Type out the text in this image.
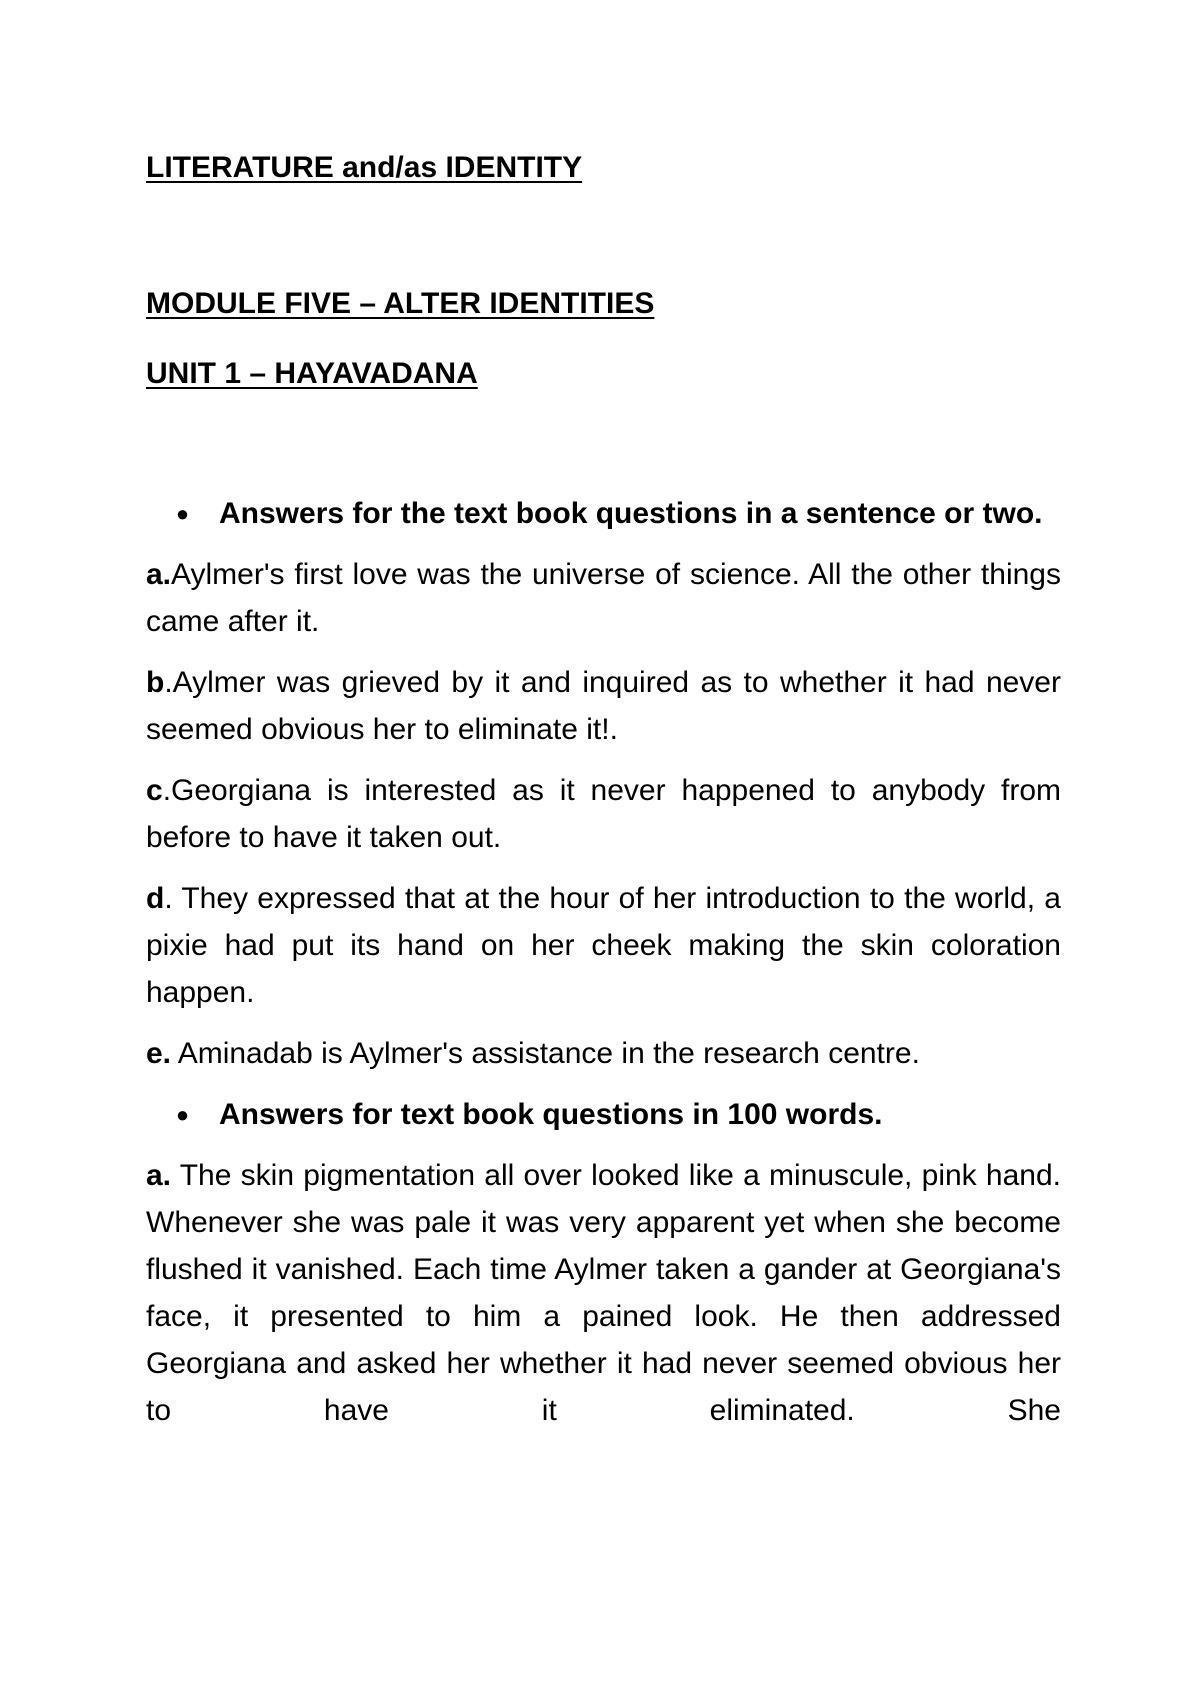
LITERATURE and/as IDENTITY

MODULE FIVE – ALTER IDENTITIES

UNIT 1 – HAYAVADANA

● Answers for the text book questions in a sentence or two.

a.Aylmer's first love was the universe of science. All the other things came after it.

b.Aylmer was grieved by it and inquired as to whether it had never seemed obvious her to eliminate it!.

c.Georgiana is interested as it never happened to anybody from before to have it taken out.

d. They expressed that at the hour of her introduction to the world, a pixie had put its hand on her cheek making the skin coloration happen.

e. Aminadab is Aylmer's assistance in the research centre.

● Answers for text book questions in 100 words.

a. The skin pigmentation all over looked like a minuscule, pink hand. Whenever she was pale it was very apparent yet when she become flushed it vanished. Each time Aylmer taken a gander at Georgiana's face, it presented to him a pained look. He then addressed Georgiana and asked her whether it had never seemed obvious her to have it eliminated. She
